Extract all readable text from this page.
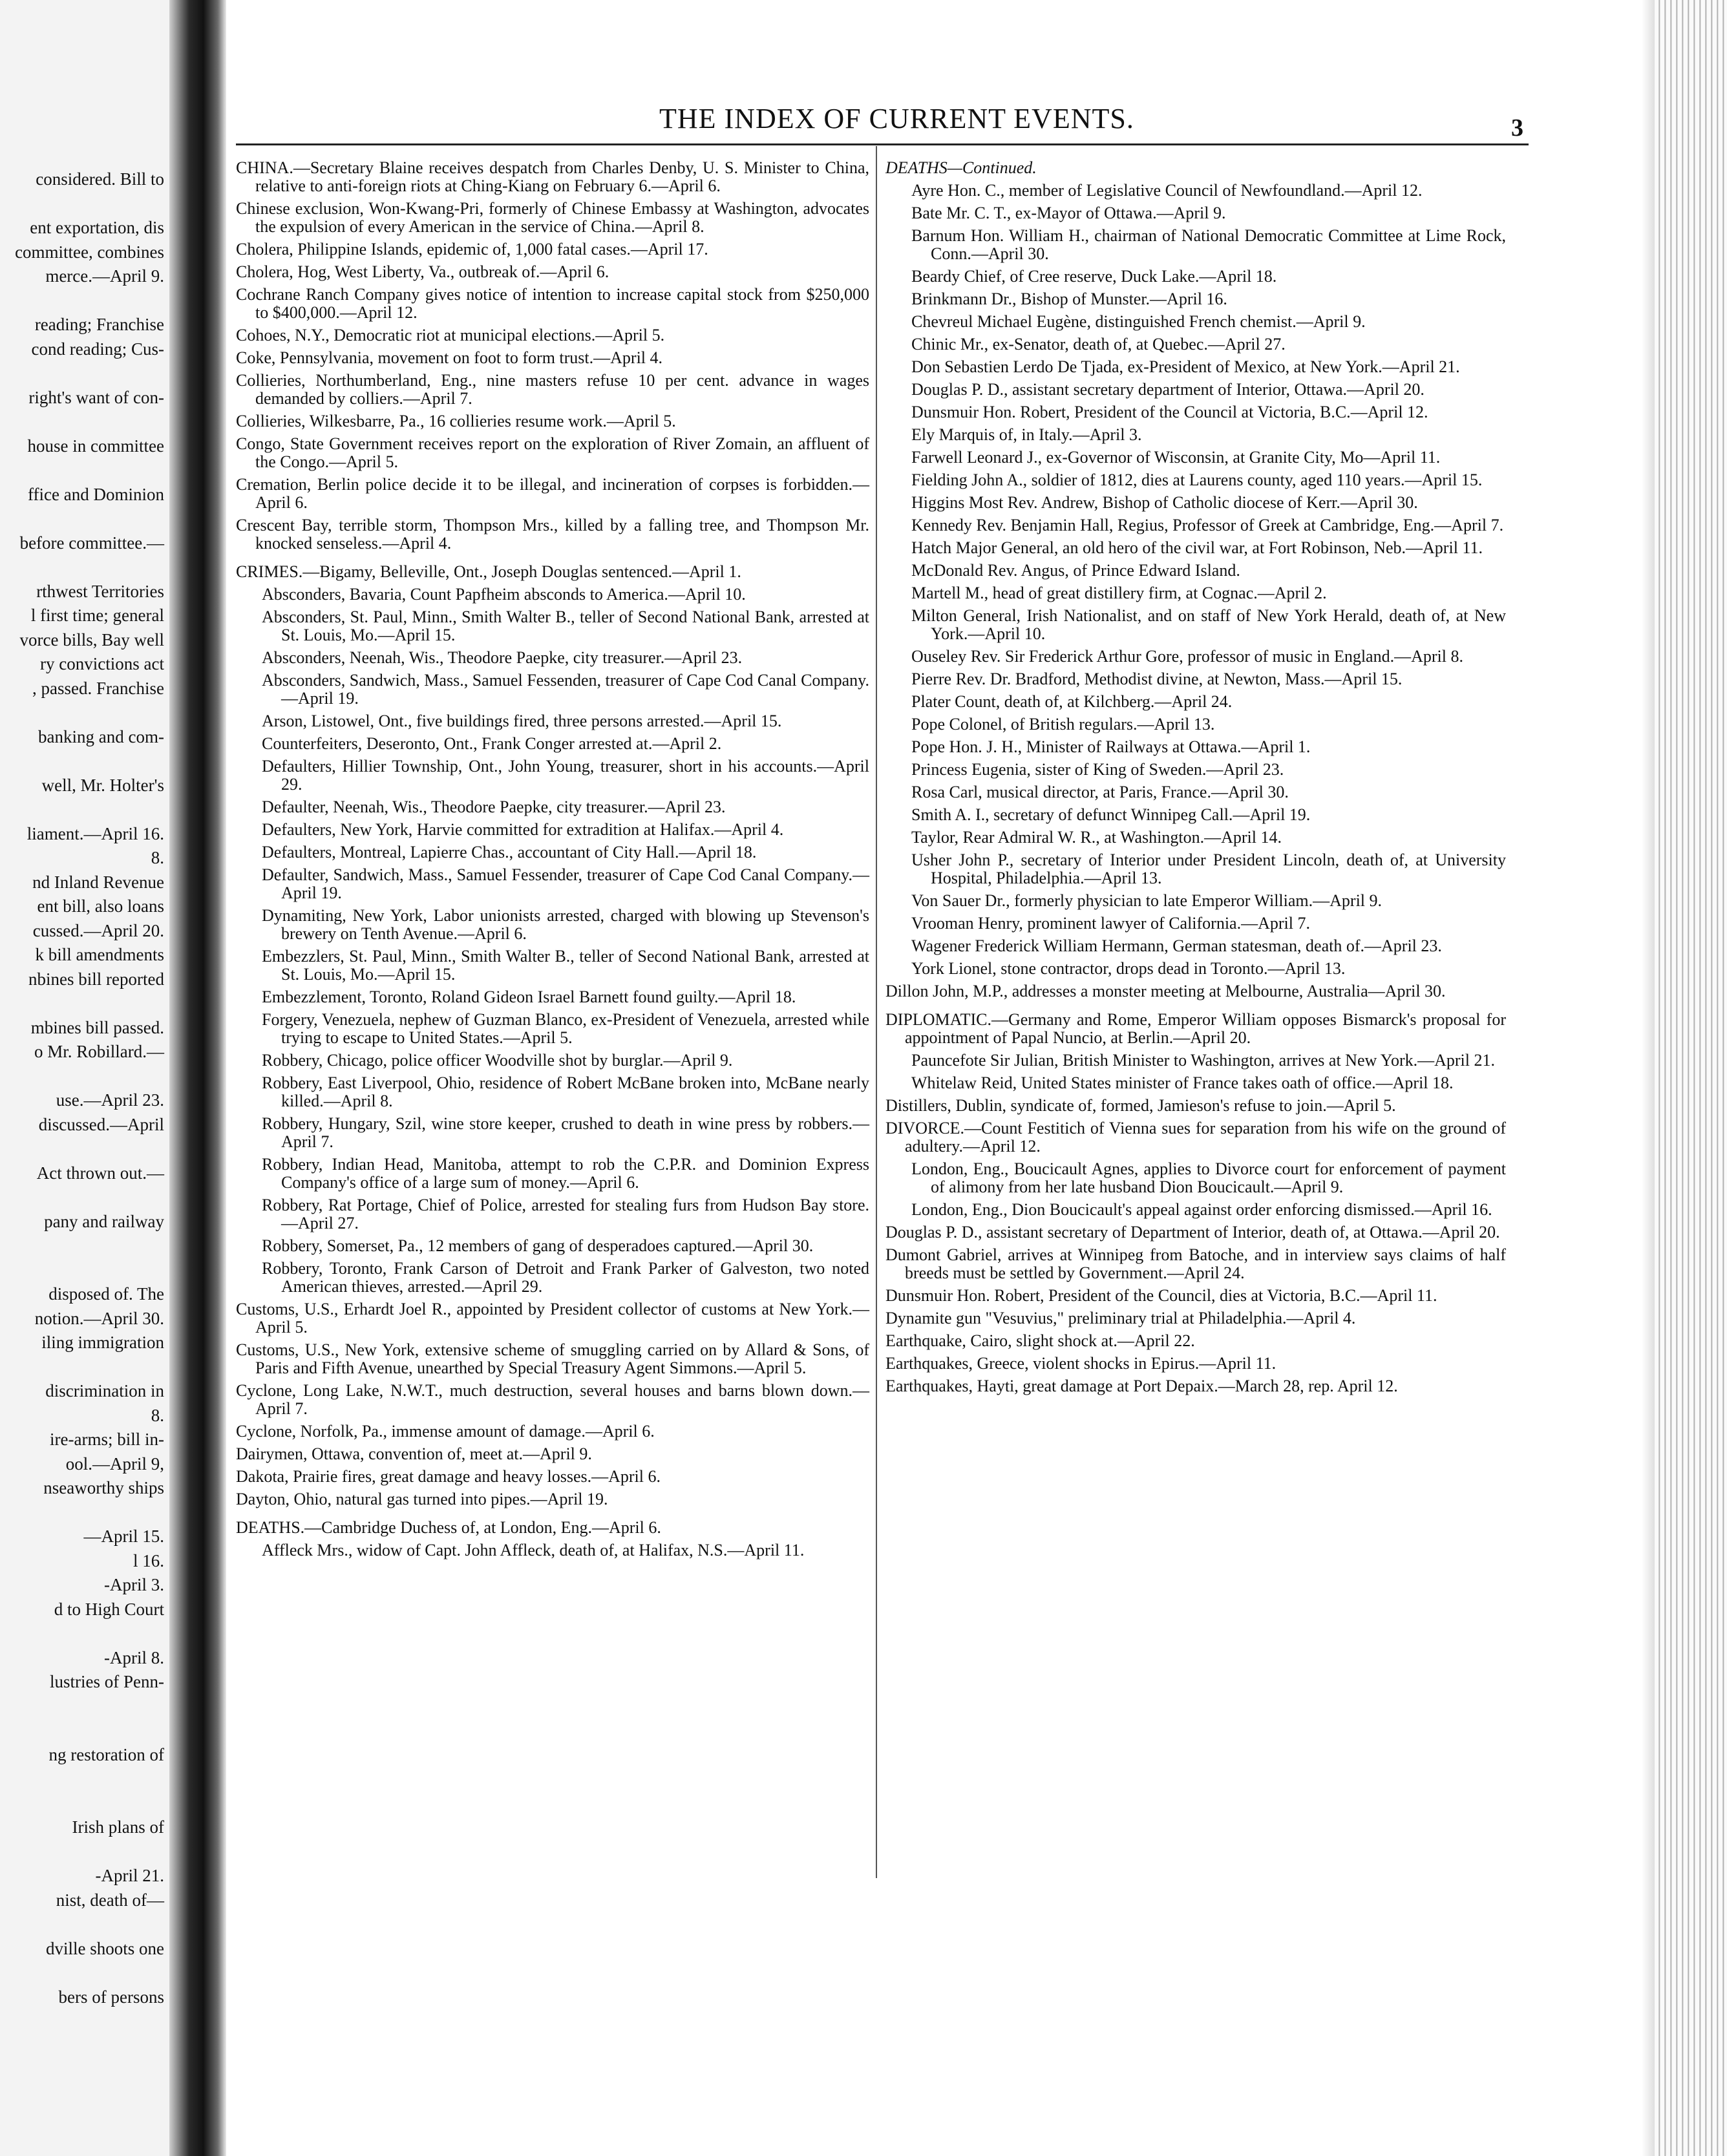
THE INDEX OF CURRENT EVENTS.	3
CHINA.—Secretary Blaine receives despatch from Charles Denby, U. S. Minister to China, relative to anti-foreign riots at Ching-Kiang on February 6.—April 6.
Chinese exclusion, Won-Kwang-Pri, formerly of Chinese Embassy at Washington, advocates the expulsion of every American in the service of China.—April 8.
Cholera, Philippine Islands, epidemic of, 1,000 fatal cases.—April 17.
Cholera, Hog, West Liberty, Va., outbreak of.—April 6.
Cochrane Ranch Company gives notice of intention to increase capital stock from $250,000 to $400,000.—April 12.
Cohoes, N.Y., Democratic riot at municipal elections.—April 5.
Coke, Pennsylvania, movement on foot to form trust.—April 4.
Collieries, Northumberland, Eng., nine masters refuse 10 per cent. advance in wages demanded by colliers.—April 7.
Collieries, Wilkesbarre, Pa., 16 collieries resume work.—April 5.
Congo, State Government receives report on the exploration of River Zomain, an affluent of the Congo.—April 5.
Cremation, Berlin police decide it to be illegal, and incineration of corpses is forbidden.—April 6.
Crescent Bay, terrible storm, Thompson Mrs., killed by a falling tree, and Thompson Mr. knocked senseless.—April 4.
CRIMES.—Bigamy, Belleville, Ont., Joseph Douglas sentenced.—April 1.
Absconders, Bavaria, Count Papfheim absconds to America.—April 10.
Absconders, St. Paul, Minn., Smith Walter B., teller of Second National Bank, arrested at St. Louis, Mo.—April 15.
Absconders, Neenah, Wis., Theodore Paepke, city treasurer.—April 23.
Absconders, Sandwich, Mass., Samuel Fessenden, treasurer of Cape Cod Canal Company.—April 19.
Arson, Listowel, Ont., five buildings fired, three persons arrested.—April 15.
Counterfeiters, Deseronto, Ont., Frank Conger arrested at.—April 2.
Defaulters, Hillier Township, Ont., John Young, treasurer, short in his accounts.—April 29.
Defaulter, Neenah, Wis., Theodore Paepke, city treasurer.—April 23.
Defaulters, New York, Harvie committed for extradition at Halifax.—April 4.
Defaulters, Montreal, Lapierre Chas., accountant of City Hall.—April 18.
Defaulter, Sandwich, Mass., Samuel Fessender, treasurer of Cape Cod Canal Company.—April 19.
Dynamiting, New York, Labor unionists arrested, charged with blowing up Stevenson's brewery on Tenth Avenue.—April 6.
Embezzlers, St. Paul, Minn., Smith Walter B., teller of Second National Bank, arrested at St. Louis, Mo.—April 15.
Embezzlement, Toronto, Roland Gideon Israel Barnett found guilty.—April 18.
Forgery, Venezuela, nephew of Guzman Blanco, ex-President of Venezuela, arrested while trying to escape to United States.—April 5.
Robbery, Chicago, police officer Woodville shot by burglar.—April 9.
Robbery, East Liverpool, Ohio, residence of Robert McBane broken into, McBane nearly killed.—April 8.
Robbery, Hungary, Szil, wine store keeper, crushed to death in wine press by robbers.—April 7.
Robbery, Indian Head, Manitoba, attempt to rob the C.P.R. and Dominion Express Company's office of a large sum of money.—April 6.
Robbery, Rat Portage, Chief of Police, arrested for stealing furs from Hudson Bay store.—April 27.
Robbery, Somerset, Pa., 12 members of gang of desperadoes captured.—April 30.
Robbery, Toronto, Frank Carson of Detroit and Frank Parker of Galveston, two noted American thieves, arrested.—April 29.
Customs, U.S., Erhardt Joel R., appointed by President collector of customs at New York.—April 5.
Customs, U.S., New York, extensive scheme of smuggling carried on by Allard & Sons, of Paris and Fifth Avenue, unearthed by Special Treasury Agent Simmons.—April 5.
Cyclone, Long Lake, N.W.T., much destruction, several houses and barns blown down.—April 7.
Cyclone, Norfolk, Pa., immense amount of damage.—April 6.
Dairymen, Ottawa, convention of, meet at.—April 9.
Dakota, Prairie fires, great damage and heavy losses.—April 6.
Dayton, Ohio, natural gas turned into pipes.—April 19.
DEATHS.—Cambridge Duchess of, at London, Eng.—April 6.
Affleck Mrs., widow of Capt. John Affleck, death of, at Halifax, N.S.—April 11.
DEATHS—Continued.
Ayre Hon. C., member of Legislative Council of Newfoundland.—April 12.
Bate Mr. C. T., ex-Mayor of Ottawa.—April 9.
Barnum Hon. William H., chairman of National Democratic Committee at Lime Rock, Conn.—April 30.
Beardy Chief, of Cree reserve, Duck Lake.—April 18.
Brinkmann Dr., Bishop of Munster.—April 16.
Chevreul Michael Eugène, distinguished French chemist.—April 9.
Chinic Mr., ex-Senator, death of, at Quebec.—April 27.
Don Sebastien Lerdo De Tjada, ex-President of Mexico, at New York.—April 21.
Douglas P. D., assistant secretary department of Interior, Ottawa.—April 20.
Dunsmuir Hon. Robert, President of the Council at Victoria, B.C.—April 12.
Ely Marquis of, in Italy.—April 3.
Farwell Leonard J., ex-Governor of Wisconsin, at Granite City, Mo—April 11.
Fielding John A., soldier of 1812, dies at Laurens county, aged 110 years.—April 15.
Higgins Most Rev. Andrew, Bishop of Catholic diocese of Kerr.—April 30.
Kennedy Rev. Benjamin Hall, Regius, Professor of Greek at Cambridge, Eng.—April 7.
Hatch Major General, an old hero of the civil war, at Fort Robinson, Neb.—April 11.
McDonald Rev. Angus, of Prince Edward Island.
Martell M., head of great distillery firm, at Cognac.—April 2.
Milton General, Irish Nationalist, and on staff of New York Herald, death of, at New York.—April 10.
Ouseley Rev. Sir Frederick Arthur Gore, professor of music in England.—April 8.
Pierre Rev. Dr. Bradford, Methodist divine, at Newton, Mass.—April 15.
Plater Count, death of, at Kilchberg.—April 24.
Pope Colonel, of British regulars.—April 13.
Pope Hon. J. H., Minister of Railways at Ottawa.—April 1.
Princess Eugenia, sister of King of Sweden.—April 23.
Rosa Carl, musical director, at Paris, France.—April 30.
Smith A. I., secretary of defunct Winnipeg Call.—April 19.
Taylor, Rear Admiral W. R., at Washington.—April 14.
Usher John P., secretary of Interior under President Lincoln, death of, at University Hospital, Philadelphia.—April 13.
Von Sauer Dr., formerly physician to late Emperor William.—April 9.
Vrooman Henry, prominent lawyer of California.—April 7.
Wagener Frederick William Hermann, German statesman, death of.—April 23.
York Lionel, stone contractor, drops dead in Toronto.—April 13.
Dillon John, M.P., addresses a monster meeting at Melbourne, Australia—April 30.
DIPLOMATIC.—Germany and Rome, Emperor William opposes Bismarck's proposal for appointment of Papal Nuncio, at Berlin.—April 20.
Pauncefote Sir Julian, British Minister to Washington, arrives at New York.—April 21.
Whitelaw Reid, United States minister of France takes oath of office.—April 18.
Distillers, Dublin, syndicate of, formed, Jamieson's refuse to join.—April 5.
DIVORCE.—Count Festitich of Vienna sues for separation from his wife on the ground of adultery.—April 12.
London, Eng., Boucicault Agnes, applies to Divorce court for enforcement of payment of alimony from her late husband Dion Boucicault.—April 9.
London, Eng., Dion Boucicault's appeal against order enforcing dismissed.—April 16.
Douglas P. D., assistant secretary of Department of Interior, death of, at Ottawa.—April 20.
Dumont Gabriel, arrives at Winnipeg from Batoche, and in interview says claims of half breeds must be settled by Government.—April 24.
Dunsmuir Hon. Robert, President of the Council, dies at Victoria, B.C.—April 11.
Dynamite gun "Vesuvius," preliminary trial at Philadelphia.—April 4.
Earthquake, Cairo, slight shock at.—April 22.
Earthquakes, Greece, violent shocks in Epirus.—April 11.
Earthquakes, Hayti, great damage at Port Depaix.—March 28, rep. April 12.
considered. Bill to
ent exportation, dis
committee, combines
merce.—April 9.
reading; Franchise
cond reading; Cus-
right's want of con-
house in committee
ffice and Dominion
before committee.—
rthwest Territories
l first time; general
vorce bills, Bay well
ry convictions act
, passed. Franchise
banking and com-
well, Mr. Holter's
liament.—April 16.
8.
nd Inland Revenue
ent bill, also loans
cussed.—April 20.
k bill amendments
nbines bill reported
mbines bill passed.
o Mr. Robillard.—
use.—April 23.
discussed.—April
Act thrown out.—
pany and railway
disposed of. The
notion.—April 30.
iling immigration
discrimination in
8.
ire-arms; bill in-
ool.—April 9,
nseaworthy ships
—April 15.
l 16.
-April 3.
d to High Court
-April 8.
lustries of Penn-
ng restoration of
Irish plans of
-April 21.
nist, death of—
dville shoots one
bers of persons
